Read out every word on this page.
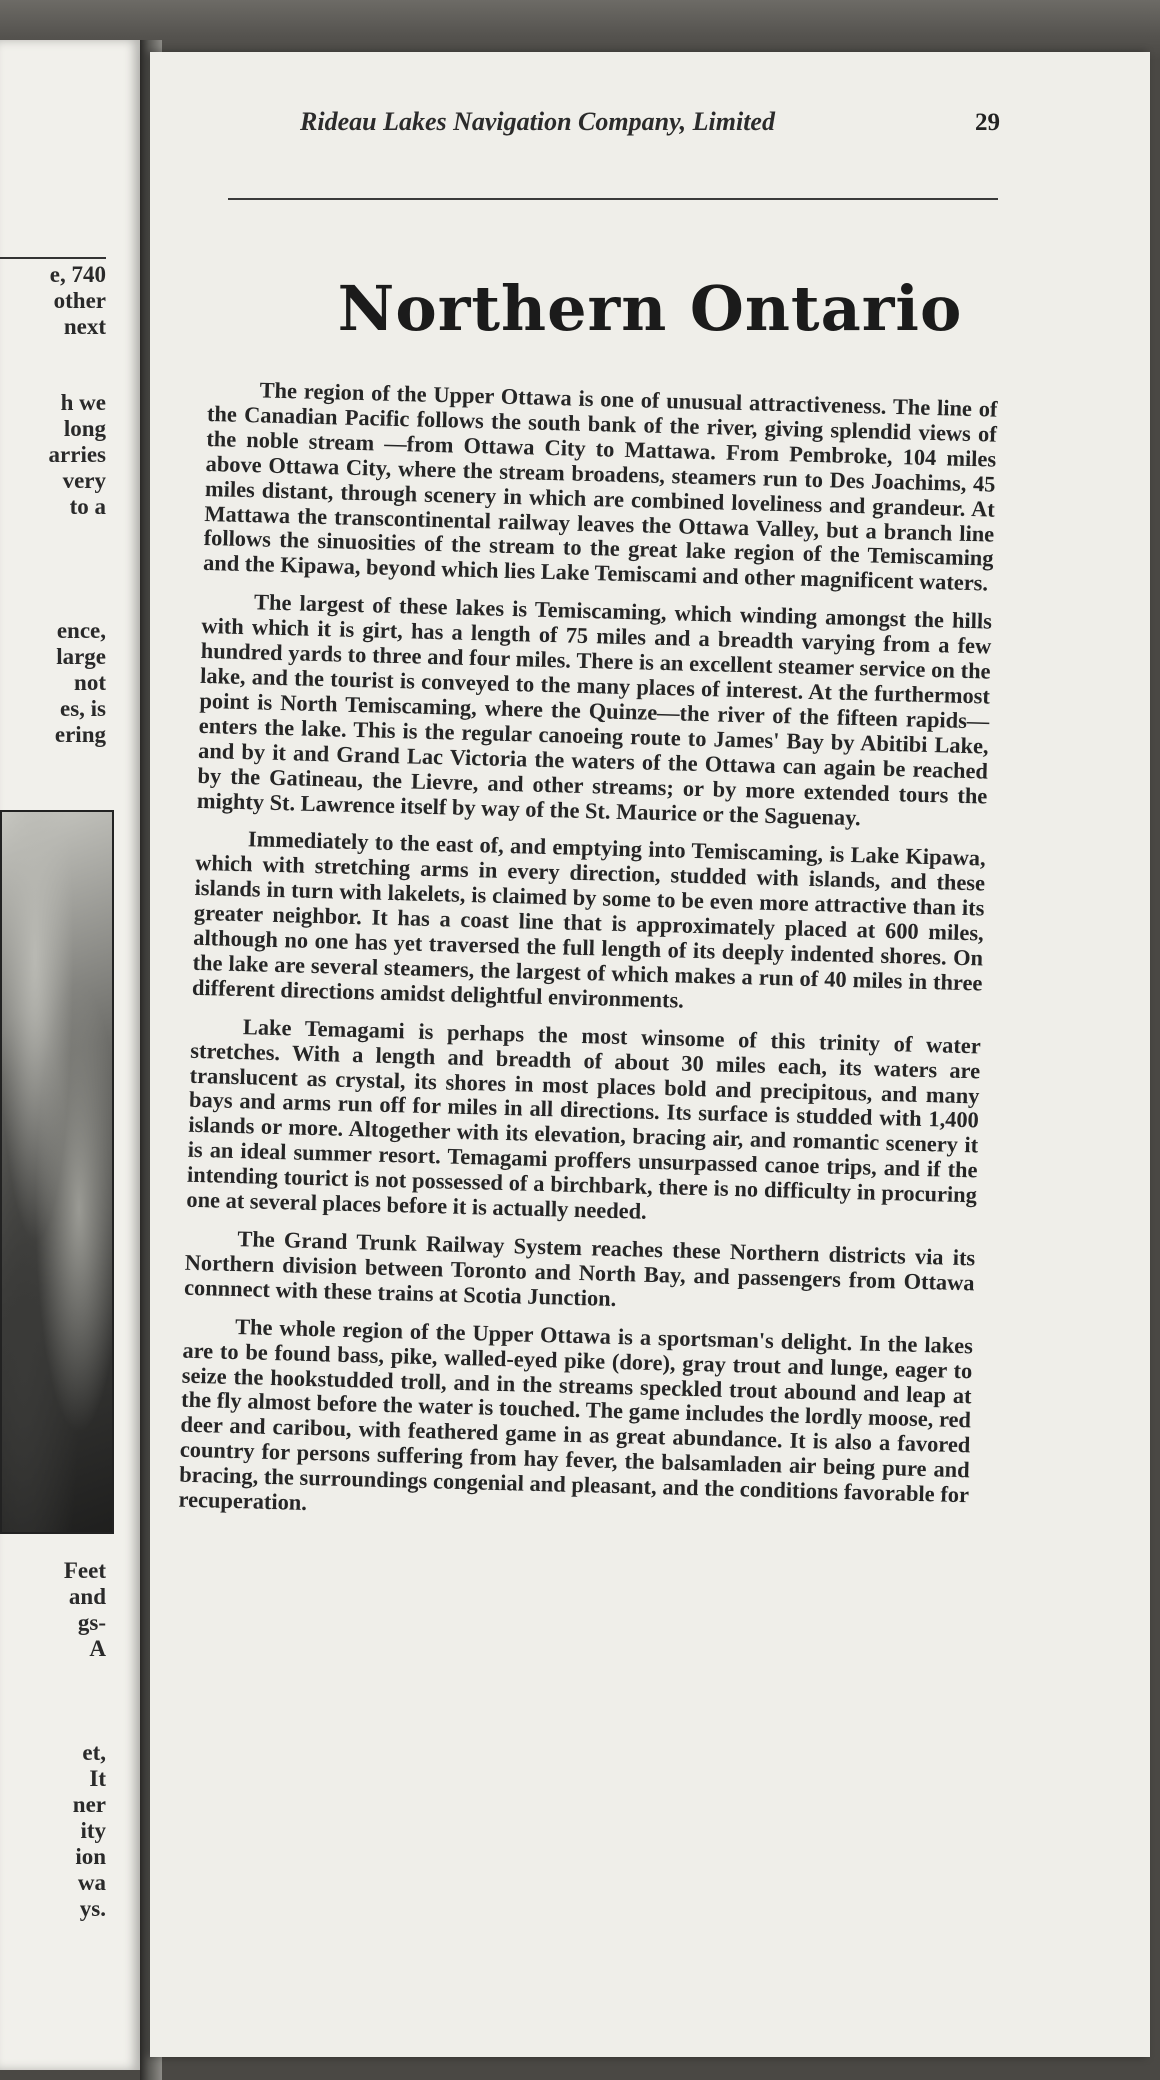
e, 740
other
next
h we
long
arries
very
to a
ence,
large
not
es, is
ering
Feet
and
gs-
A
et,
It
ner
ity
ion
wa
ys.
Rideau Lakes Navigation Company, Limited	29
Northern Ontario

The region of the Upper Ottawa is one of unusual attractiveness. The line of the Canadian Pacific follows the south bank of the river, giving splendid views of the noble stream —from Ottawa City to Mattawa. From Pembroke, 104 miles above Ottawa City, where the stream broadens, steamers run to Des Joachims, 45 miles distant, through scenery in which are combined loveliness and grandeur. At Mattawa the transcontinental railway leaves the Ottawa Valley, but a branch line follows the sinuosities of the stream to the great lake region of the Temiscaming and the Kipawa, beyond which lies Lake Temiscami and other magnificent waters.

The largest of these lakes is Temiscaming, which winding amongst the hills with which it is girt, has a length of 75 miles and a breadth varying from a few hundred yards to three and four miles. There is an excellent steamer service on the lake, and the tourist is conveyed to the many places of interest. At the furthermost point is North Temiscaming, where the Quinze—the river of the fifteen rapids—enters the lake. This is the regular canoeing route to James' Bay by Abitibi Lake, and by it and Grand Lac Victoria the waters of the Ottawa can again be reached by the Gatineau, the Lievre, and other streams; or by more extended tours the mighty St. Lawrence itself by way of the St. Maurice or the Saguenay.

Immediately to the east of, and emptying into Temiscaming, is Lake Kipawa, which with stretching arms in every direction, studded with islands, and these islands in turn with lakelets, is claimed by some to be even more attractive than its greater neighbor. It has a coast line that is approximately placed at 600 miles, although no one has yet traversed the full length of its deeply indented shores. On the lake are several steamers, the largest of which makes a run of 40 miles in three different directions amidst delightful environments.

Lake Temagami is perhaps the most winsome of this trinity of water stretches. With a length and breadth of about 30 miles each, its waters are translucent as crystal, its shores in most places bold and precipitous, and many bays and arms run off for miles in all directions. Its surface is studded with 1,400 islands or more. Altogether with its elevation, bracing air, and romantic scenery it is an ideal summer resort. Temagami proffers unsurpassed canoe trips, and if the intending tourict is not possessed of a birchbark, there is no difficulty in procuring one at several places before it is actually needed.

The Grand Trunk Railway System reaches these Northern districts via its Northern division between Toronto and North Bay, and passengers from Ottawa connnect with these trains at Scotia Junction.

The whole region of the Upper Ottawa is a sportsman's delight. In the lakes are to be found bass, pike, walled-eyed pike (dore), gray trout and lunge, eager to seize the hookstudded troll, and in the streams speckled trout abound and leap at the fly almost before the water is touched. The game includes the lordly moose, red deer and caribou, with feathered game in as great abundance. It is also a favored country for persons suffering from hay fever, the balsamladen air being pure and bracing, the surroundings congenial and pleasant, and the conditions favorable for recuperation.
